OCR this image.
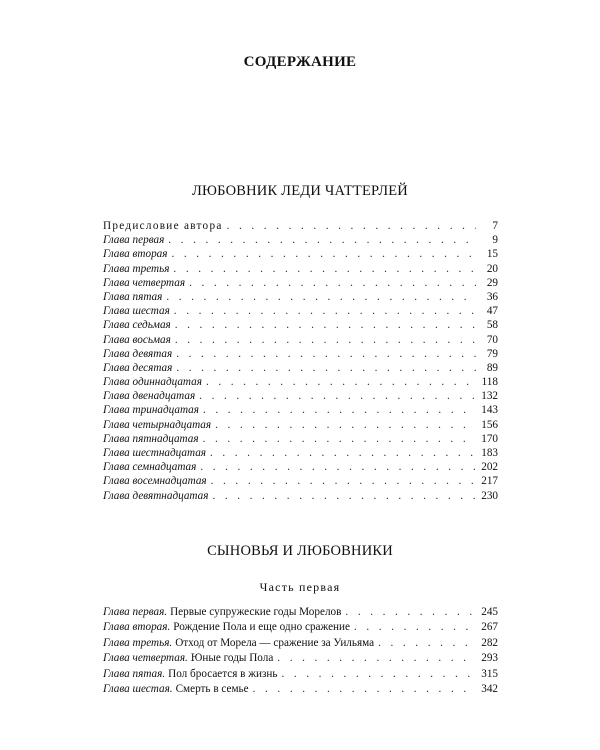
СОДЕРЖАНИЕ
ЛЮБОВНИК ЛЕДИ ЧАТТЕРЛЕЙ
Предисловие автора . . .	7
Глава первая . . .	9
Глава вторая . . .	15
Глава третья . . .	20
Глава четвертая . . .	29
Глава пятая . . .	36
Глава шестая . . .	47
Глава седьмая . . .	58
Глава восьмая . . .	70
Глава девятая . . .	79
Глава десятая . . .	89
Глава одиннадцатая . . .	118
Глава двенадцатая . . .	132
Глава тринадцатая . . .	143
Глава четырнадцатая . . .	156
Глава пятнадцатая . . .	170
Глава шестнадцатая . . .	183
Глава семнадцатая . . .	202
Глава восемнадцатая . . .	217
Глава девятнадцатая . . .	230
СЫНОВЬЯ И ЛЮБОВНИКИ
Часть первая
Глава первая. Первые супружеские годы Морелов . . .	245
Глава вторая. Рождение Пола и еще одно сражение . . .	267
Глава третья. Отход от Морела — сражение за Уильяма . . .	282
Глава четвертая. Юные годы Пола . . .	293
Глава пятая. Пол бросается в жизнь . . .	315
Глава шестая. Смерть в семье . . .	342
